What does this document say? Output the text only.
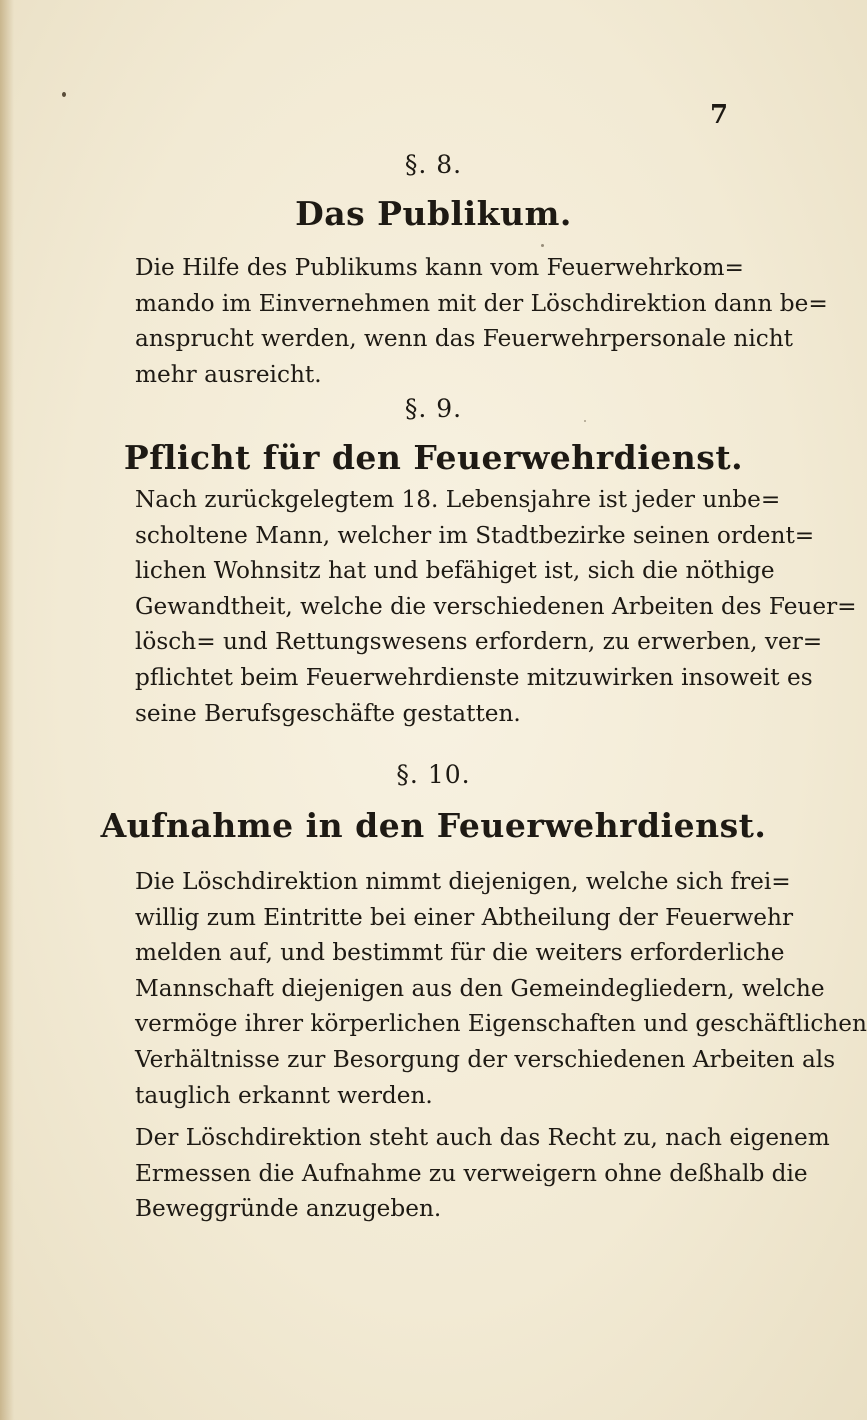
7
§. 8.
Das Publikum.
Die Hilfe des Publikums kann vom Feuerwehrkom=
mando im Einvernehmen mit der Löschdirektion dann be=
ansprucht werden, wenn das Feuerwehrpersonale nicht
mehr ausreicht.
§. 9.
Pflicht für den Feuerwehrdienst.
Nach zurückgelegtem 18. Lebensjahre ist jeder unbe=
scholtene Mann, welcher im Stadtbezirke seinen ordent=
lichen Wohnsitz hat und befähiget ist, sich die nöthige
Gewandtheit, welche die verschiedenen Arbeiten des Feuer=
lösch= und Rettungswesens erfordern, zu erwerben, ver=
pflichtet beim Feuerwehrdienste mitzuwirken insoweit es
seine Berufsgeschäfte gestatten.
§. 10.
Aufnahme in den Feuerwehrdienst.
Die Löschdirektion nimmt diejenigen, welche sich frei=
willig zum Eintritte bei einer Abtheilung der Feuerwehr
melden auf, und bestimmt für die weiters erforderliche
Mannschaft diejenigen aus den Gemeindegliedern, welche
vermöge ihrer körperlichen Eigenschaften und geschäftlichen
Verhältnisse zur Besorgung der verschiedenen Arbeiten als
tauglich erkannt werden.
Der Löschdirektion steht auch das Recht zu, nach eigenem
Ermessen die Aufnahme zu verweigern ohne deßhalb die
Beweggründe anzugeben.
